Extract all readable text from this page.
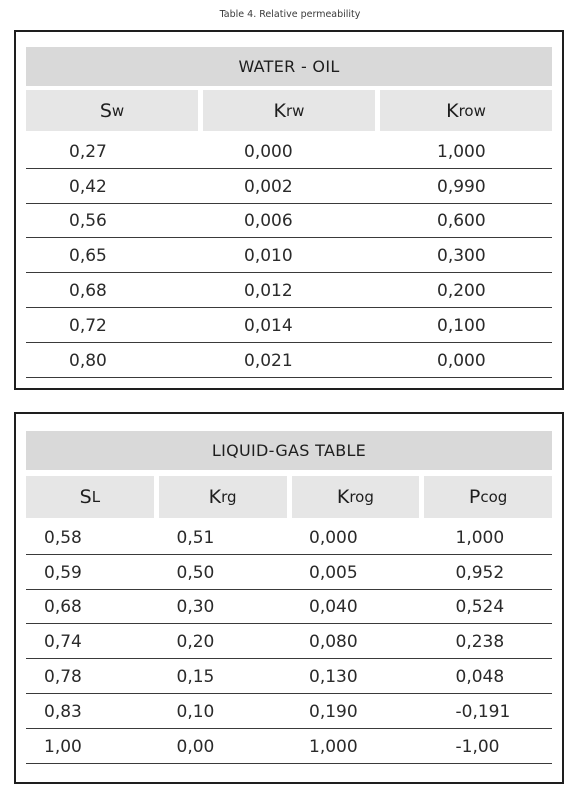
Table 4. Relative permeability
WATER - OIL
S w	K rw	K row
0,27	0,000	1,000
0,42	0,002	0,990
0,56	0,006	0,600
0,65	0,010	0,300
0,68	0,012	0,200
0,72	0,014	0,100
0,80	0,021	0,000
LIQUID-GAS TABLE
S L	K rg	K rog	P cog
0,58	0,51	0,000	1,000
0,59	0,50	0,005	0,952
0,68	0,30	0,040	0,524
0,74	0,20	0,080	0,238
0,78	0,15	0,130	0,048
0,83	0,10	0,190	-0,191
1,00	0,00	1,000	-1,00
